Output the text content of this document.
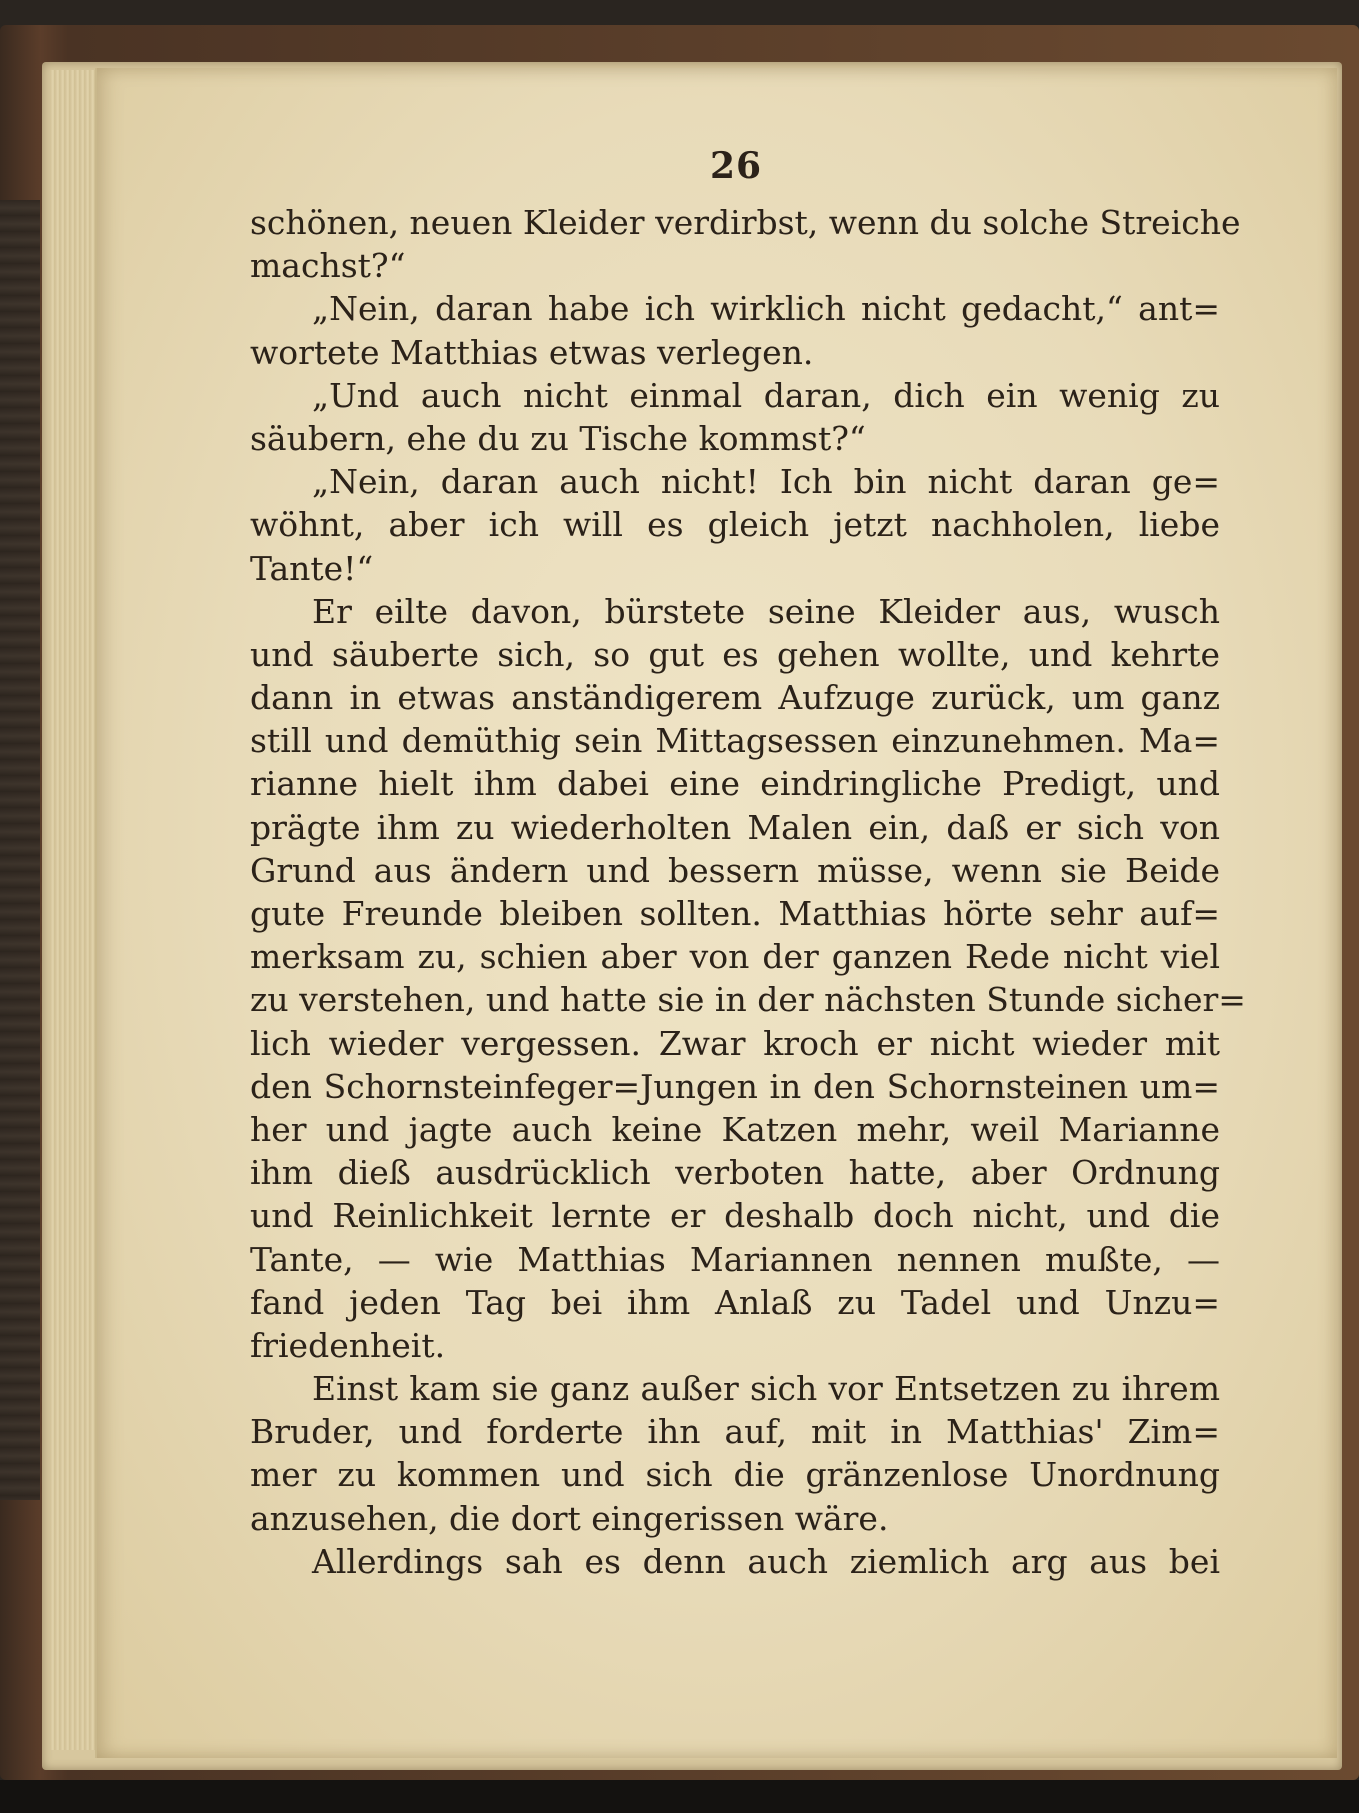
26
schönen, neuen Kleider verdirbst, wenn du solche Streiche
machst?“
„Nein, daran habe ich wirklich nicht gedacht,“ ant=
wortete Matthias etwas verlegen.
„Und auch nicht einmal daran, dich ein wenig zu
säubern, ehe du zu Tische kommst?“
„Nein, daran auch nicht! Ich bin nicht daran ge=
wöhnt, aber ich will es gleich jetzt nachholen, liebe
Tante!“
Er eilte davon, bürstete seine Kleider aus, wusch
und säuberte sich, so gut es gehen wollte, und kehrte
dann in etwas anständigerem Aufzuge zurück, um ganz
still und demüthig sein Mittagsessen einzunehmen. Ma=
rianne hielt ihm dabei eine eindringliche Predigt, und
prägte ihm zu wiederholten Malen ein, daß er sich von
Grund aus ändern und bessern müsse, wenn sie Beide
gute Freunde bleiben sollten. Matthias hörte sehr auf=
merksam zu, schien aber von der ganzen Rede nicht viel
zu verstehen, und hatte sie in der nächsten Stunde sicher=
lich wieder vergessen. Zwar kroch er nicht wieder mit
den Schornsteinfeger=Jungen in den Schornsteinen um=
her und jagte auch keine Katzen mehr, weil Marianne
ihm dieß ausdrücklich verboten hatte, aber Ordnung
und Reinlichkeit lernte er deshalb doch nicht, und die
Tante, — wie Matthias Mariannen nennen mußte, —
fand jeden Tag bei ihm Anlaß zu Tadel und Unzu=
friedenheit.
Einst kam sie ganz außer sich vor Entsetzen zu ihrem
Bruder, und forderte ihn auf, mit in Matthias' Zim=
mer zu kommen und sich die gränzenlose Unordnung
anzusehen, die dort eingerissen wäre.
Allerdings sah es denn auch ziemlich arg aus bei
